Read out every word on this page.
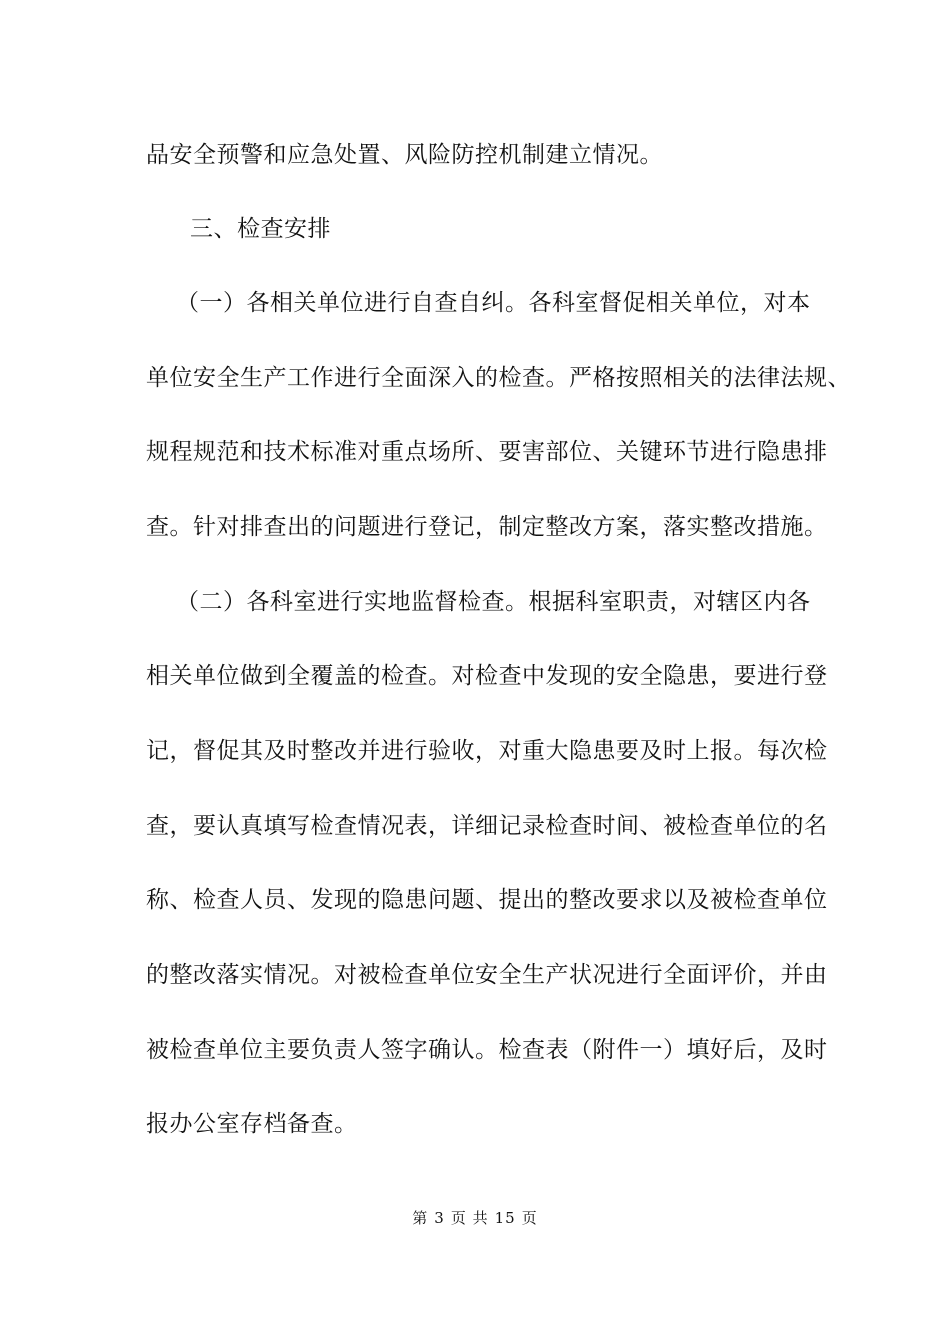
品安全预警和应急处置、风险防控机制建立情况。
三、检查安排
（一）各相关单位进行自查自纠。各科室督促相关单位，对本
单位安全生产工作进行全面深入的检查。严格按照相关的法律法规、
规程规范和技术标准对重点场所、要害部位、关键环节进行隐患排
查。针对排查出的问题进行登记，制定整改方案，落实整改措施。
（二）各科室进行实地监督检查。根据科室职责，对辖区内各
相关单位做到全覆盖的检查。对检查中发现的安全隐患，要进行登
记，督促其及时整改并进行验收，对重大隐患要及时上报。每次检
查，要认真填写检查情况表，详细记录检查时间、被检查单位的名
称、检查人员、发现的隐患问题、提出的整改要求以及被检查单位
的整改落实情况。对被检查单位安全生产状况进行全面评价，并由
被检查单位主要负责人签字确认。检查表（附件一）填好后，及时
报办公室存档备查。
第 3 页 共 15 页
